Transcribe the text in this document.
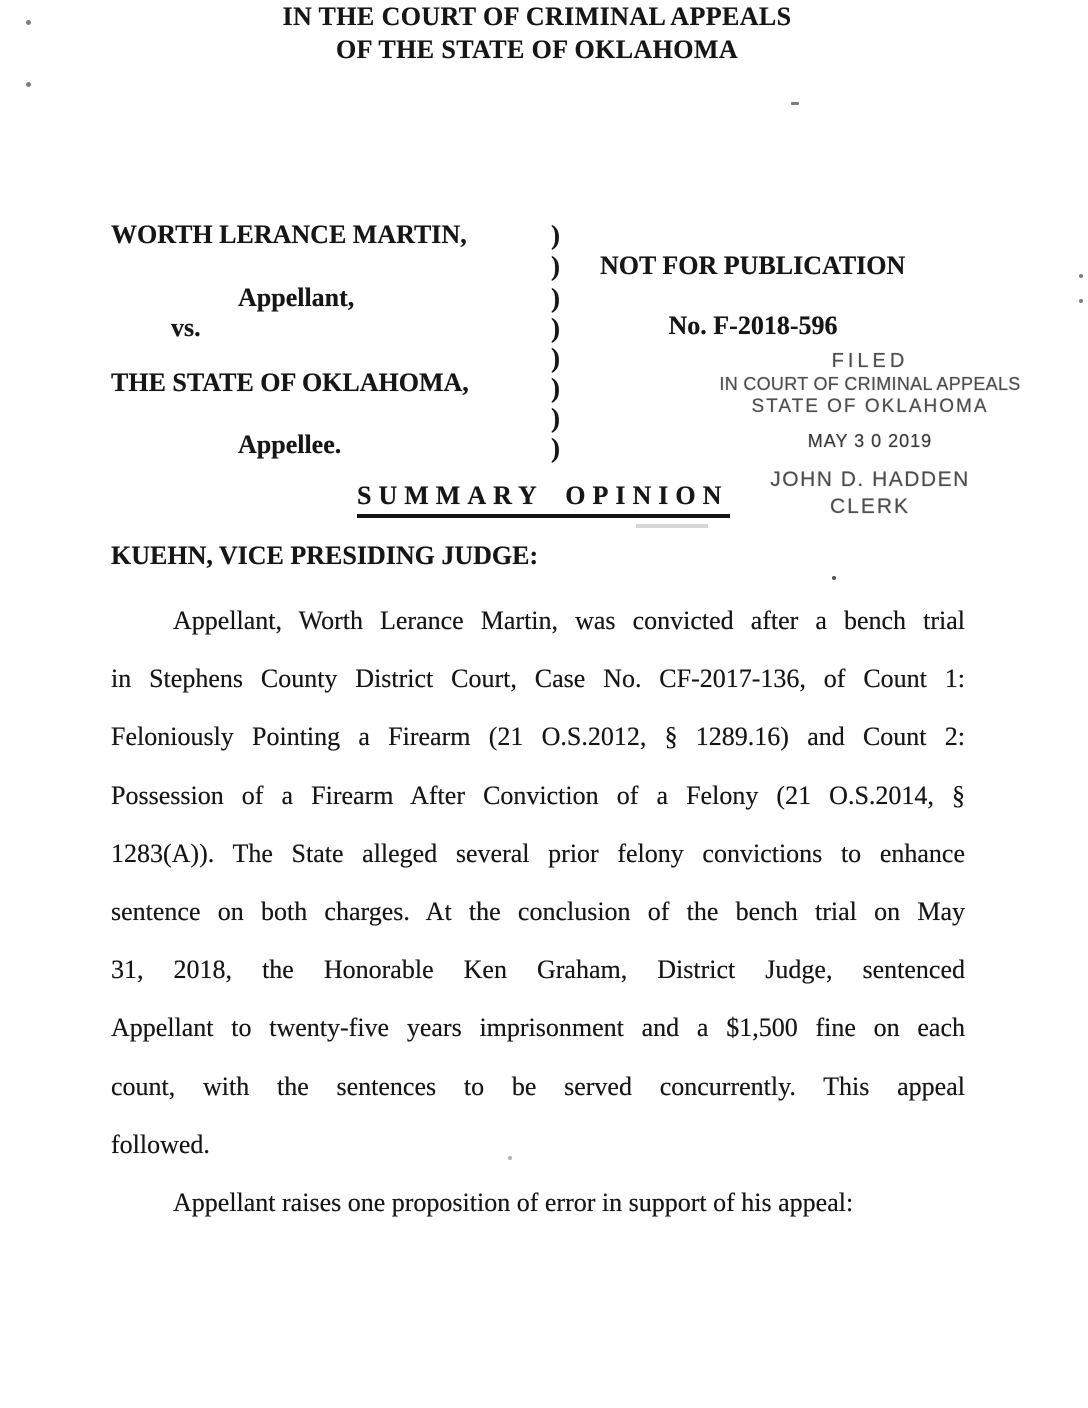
IN THE COURT OF CRIMINAL APPEALS
OF THE STATE OF OKLAHOMA
WORTH LERANCE MARTIN,
Appellant,
vs.
THE STATE OF OKLAHOMA,
Appellee.
)
)
)
)
)
)
)
)
NOT FOR PUBLICATION
No. F-2018-596
FILED
IN COURT OF CRIMINAL APPEALS
STATE OF OKLAHOMA
MAY 3 0 2019
JOHN D. HADDEN
CLERK
SUMMARY OPINION
KUEHN, VICE PRESIDING JUDGE:
Appellant, Worth Lerance Martin, was convicted after a bench trial
in Stephens County District Court, Case No. CF-2017-136, of Count 1:
Feloniously Pointing a Firearm (21 O.S.2012, § 1289.16) and Count 2:
Possession of a Firearm After Conviction of a Felony (21 O.S.2014, §
1283(A)). The State alleged several prior felony convictions to enhance
sentence on both charges. At the conclusion of the bench trial on May
31, 2018, the Honorable Ken Graham, District Judge, sentenced
Appellant to twenty-five years imprisonment and a $1,500 fine on each
count, with the sentences to be served concurrently. This appeal
followed.
Appellant raises one proposition of error in support of his appeal:
